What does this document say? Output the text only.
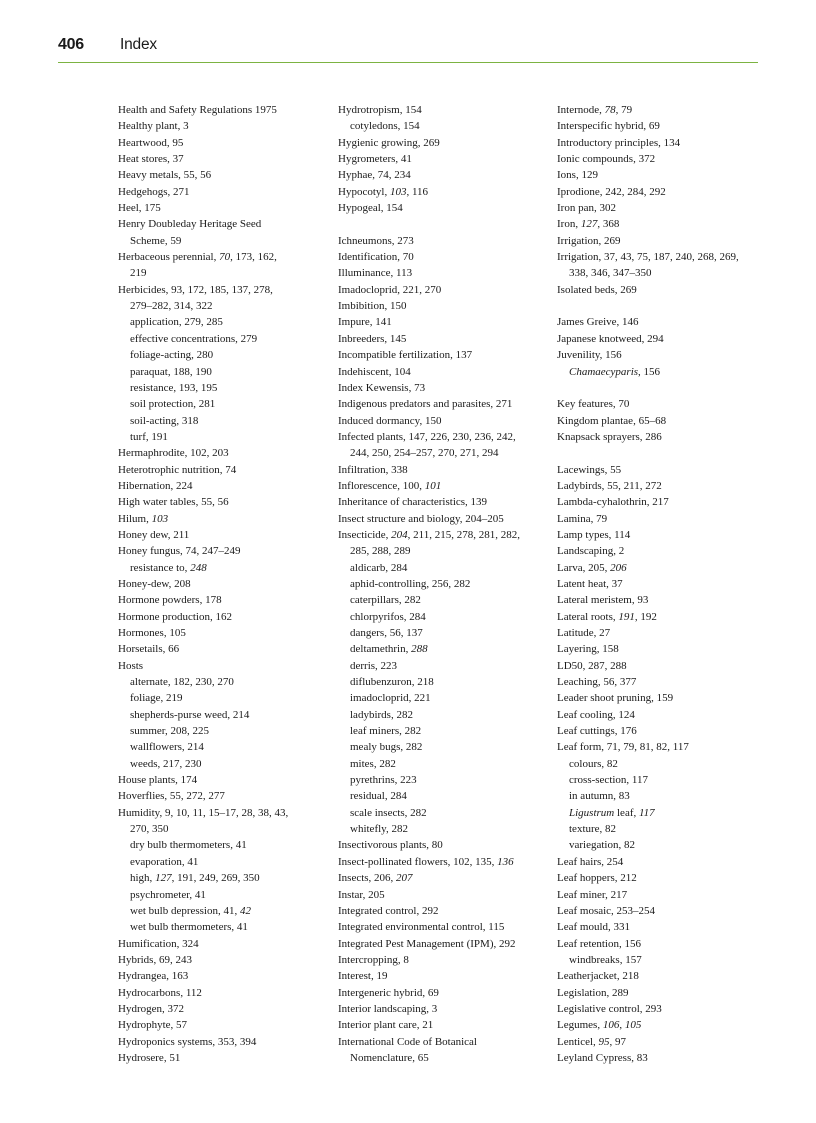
406 Index
Health and Safety Regulations 1975
Healthy plant, 3
Heartwood, 95
Heat stores, 37
Heavy metals, 55, 56
Hedgehogs, 271
Heel, 175
Henry Doubleday Heritage Seed
Scheme, 59
Herbaceous perennial, 70, 173, 162,
219
Herbicides, 93, 172, 185, 137, 278,
279–282, 314, 322
application, 279, 285
effective concentrations, 279
foliage-acting, 280
paraquat, 188, 190
resistance, 193, 195
soil protection, 281
soil-acting, 318
turf, 191
Hermaphrodite, 102, 203
Heterotrophic nutrition, 74
Hibernation, 224
High water tables, 55, 56
Hilum, 103
Honey dew, 211
Honey fungus, 74, 247–249
resistance to, 248
Honey-dew, 208
Hormone powders, 178
Hormone production, 162
Hormones, 105
Horsetails, 66
Hosts
alternate, 182, 230, 270
foliage, 219
shepherds-purse weed, 214
summer, 208, 225
wallflowers, 214
weeds, 217, 230
House plants, 174
Hoverflies, 55, 272, 277
Humidity, 9, 10, 11, 15–17, 28, 38, 43,
270, 350
dry bulb thermometers, 41
evaporation, 41
high, 127, 191, 249, 269, 350
psychrometer, 41
wet bulb depression, 41, 42
wet bulb thermometers, 41
Humification, 324
Hybrids, 69, 243
Hydrangea, 163
Hydrocarbons, 112
Hydrogen, 372
Hydrophyte, 57
Hydroponics systems, 353, 394
Hydrosere, 51
Hydrotropism, 154
cotyledons, 154
Hygienic growing, 269
Hygrometers, 41
Hyphae, 74, 234
Hypocotyl, 103, 116
Hypogeal, 154
Ichneumons, 273
Identification, 70
Illuminance, 113
Imadocloprid, 221, 270
Imbibition, 150
Impure, 141
Inbreeders, 145
Incompatible fertilization, 137
Indehiscent, 104
Index Kewensis, 73
Indigenous predators and parasites, 271
Induced dormancy, 150
Infected plants, 147, 226, 230, 236, 242,
244, 250, 254–257, 270, 271, 294
Infiltration, 338
Inflorescence, 100, 101
Inheritance of characteristics, 139
Insect structure and biology, 204–205
Insecticide, 204, 211, 215, 278, 281, 282,
285, 288, 289
aldicarb, 284
aphid-controlling, 256, 282
caterpillars, 282
chlorpyrifos, 284
dangers, 56, 137
deltamethrin, 288
derris, 223
diflubenzuron, 218
imadocloprid, 221
ladybirds, 282
leaf miners, 282
mealy bugs, 282
mites, 282
pyrethrins, 223
residual, 284
scale insects, 282
whitefly, 282
Insectivorous plants, 80
Insect-pollinated flowers, 102, 135, 136
Insects, 206, 207
Instar, 205
Integrated control, 292
Integrated environmental control, 115
Integrated Pest Management (IPM), 292
Intercropping, 8
Interest, 19
Intergeneric hybrid, 69
Interior landscaping, 3
Interior plant care, 21
International Code of Botanical
Nomenclature, 65
Internode, 78, 79
Interspecific hybrid, 69
Introductory principles, 134
Ionic compounds, 372
Ions, 129
Iprodione, 242, 284, 292
Iron pan, 302
Iron, 127, 368
Irrigation, 269
Irrigation, 37, 43, 75, 187, 240, 268, 269,
338, 346, 347–350
Isolated beds, 269
James Greive, 146
Japanese knotweed, 294
Juvenility, 156
Chamaecyparis, 156
Key features, 70
Kingdom plantae, 65–68
Knapsack sprayers, 286
Lacewings, 55
Ladybirds, 55, 211, 272
Lambda-cyhalothrin, 217
Lamina, 79
Lamp types, 114
Landscaping, 2
Larva, 205, 206
Latent heat, 37
Lateral meristem, 93
Lateral roots, 191, 192
Latitude, 27
Layering, 158
LD50, 287, 288
Leaching, 56, 377
Leader shoot pruning, 159
Leaf cooling, 124
Leaf cuttings, 176
Leaf form, 71, 79, 81, 82, 117
colours, 82
cross-section, 117
in autumn, 83
Ligustrum leaf, 117
texture, 82
variegation, 82
Leaf hairs, 254
Leaf hoppers, 212
Leaf miner, 217
Leaf mosaic, 253–254
Leaf mould, 331
Leaf retention, 156
windbreaks, 157
Leatherjacket, 218
Legislation, 289
Legislative control, 293
Legumes, 106, 105
Lenticel, 95, 97
Leyland Cypress, 83
